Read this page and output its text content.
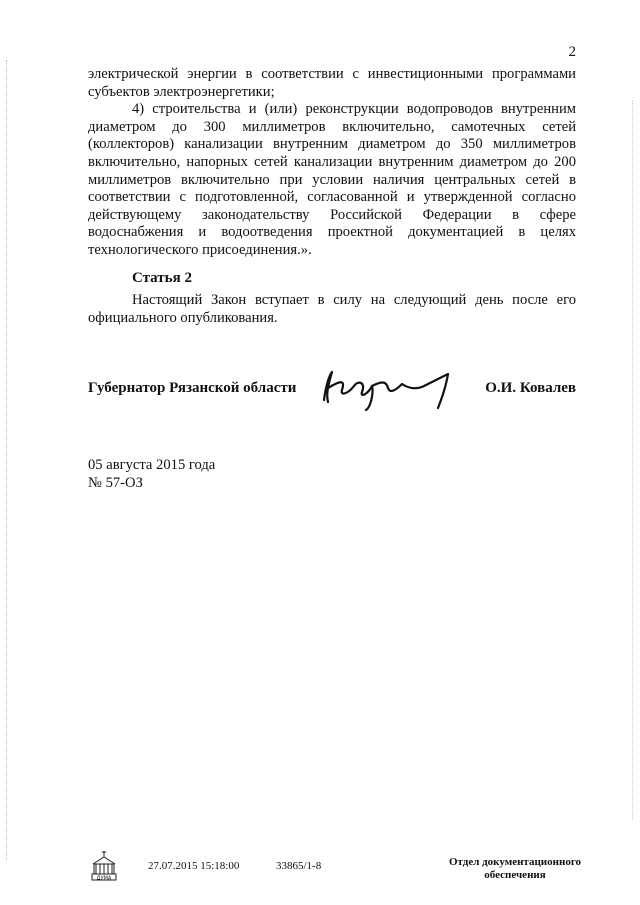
2

электрической энергии в соответствии с инвестиционными программами

субъектов электроэнергетики;

4) строительства и (или) реконструкции водопроводов внутренним

диаметром до 300 миллиметров включительно, самотечных сетей

(коллекторов) канализации внутренним диаметром до 350 миллиметров

включительно, напорных сетей канализации внутренним диаметром до 200

миллиметров включительно при условии наличия центральных сетей в

соответствии с подготовленной, согласованной и утвержденной согласно

действующему законодательству Российской Федерации в сфере

водоснабжения и водоотведения проектной документацией в целях

технологического присоединения.».

Статья 2

Настоящий Закон вступает в силу на следующий день после его

официального опубликования.

Губернатор Рязанской области	О.И. Ковалев
05 августа 2015 года
№ 57-ОЗ
ДУМА
27.07.2015 15:18:00	33865/1-8	Отдел документационного
обеспечения
